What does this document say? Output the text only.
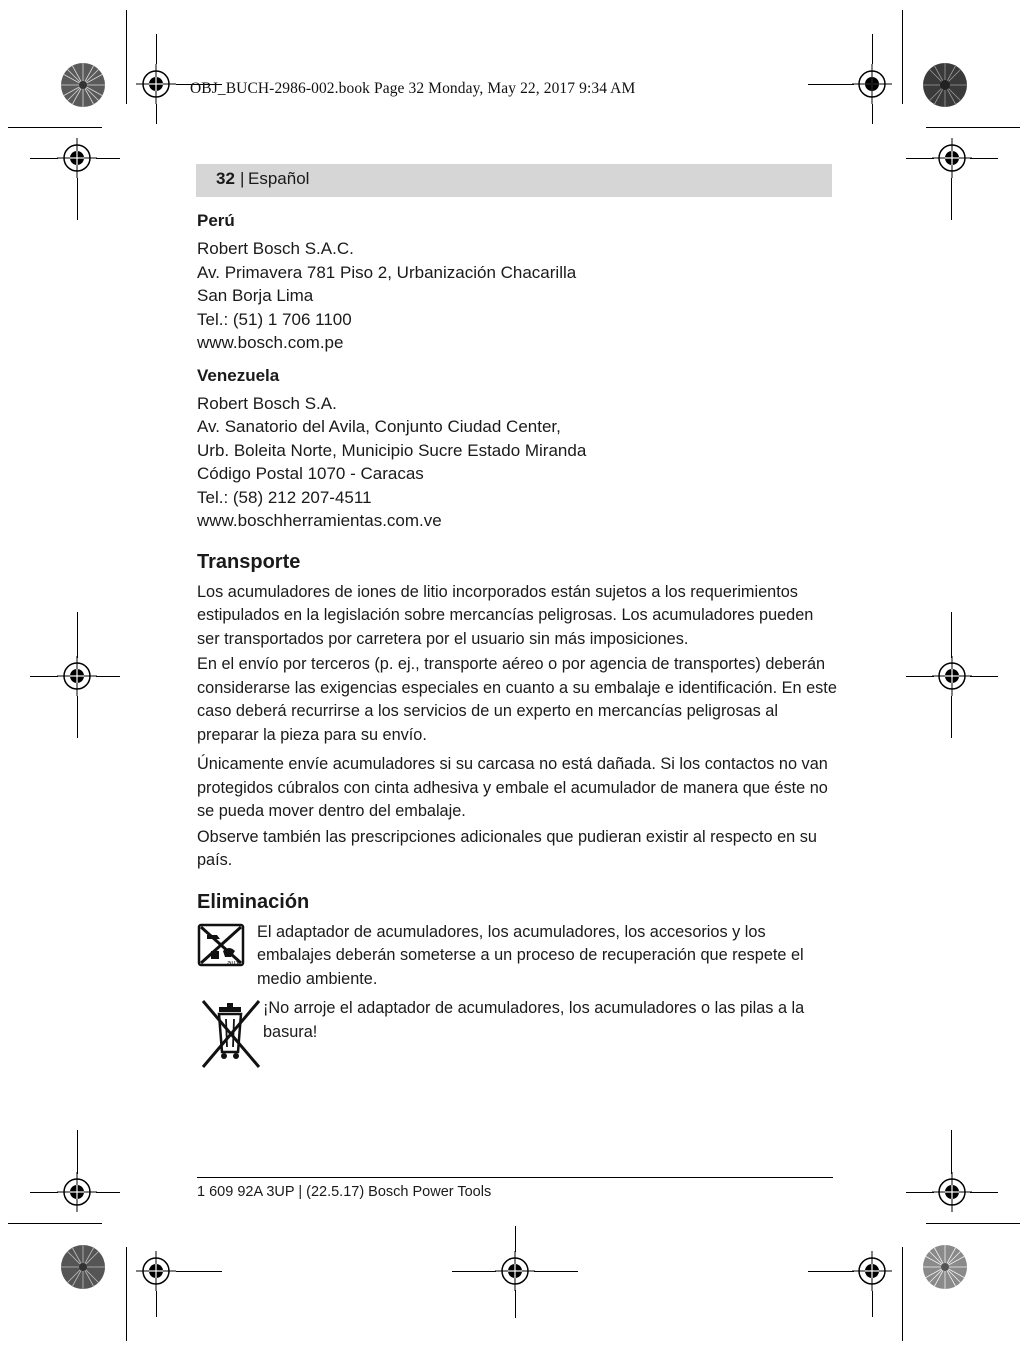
OBJ_BUCH-2986-002.book Page 32 Monday, May 22, 2017 9:34 AM
32 | Español

Perú

Robert Bosch S.A.C.
Av. Primavera 781 Piso 2, Urbanización Chacarilla
San Borja Lima
Tel.: (51) 1 706 1100
www.bosch.com.pe

Venezuela

Robert Bosch S.A.
Av. Sanatorio del Avila, Conjunto Ciudad Center,
Urb. Boleita Norte, Municipio Sucre Estado Miranda
Código Postal 1070 - Caracas
Tel.: (58) 212 207-4511
www.boschherramientas.com.ve
Transporte

Los acumuladores de iones de litio incorporados están sujetos a los requerimientos estipulados en la legislación sobre mercancías peligrosas. Los acumuladores pueden ser transportados por carretera por el usuario sin más imposiciones.

En el envío por terceros (p. ej., transporte aéreo o por agencia de transportes) deberán considerarse las exigencias especiales en cuanto a su embalaje e identificación. En este caso deberá recurrirse a los servicios de un experto en mercancías peligrosas al preparar la pieza para su envío.

Únicamente envíe acumuladores si su carcasa no está dañada. Si los contactos no van protegidos cúbralos con cinta adhesiva y embale el acumulador de manera que éste no se pueda mover dentro del embalaje.

Observe también las prescripciones adicionales que pudieran existir al respecto en su país.

Eliminación
aux
El adaptador de acumuladores, los acumuladores, los accesorios y los embalajes deberán someterse a un proceso de recuperación que respete el medio ambiente.
¡No arroje el adaptador de acumuladores, los acumuladores o las pilas a la basura!
1 609 92A 3UP | (22.5.17) Bosch Power Tools
